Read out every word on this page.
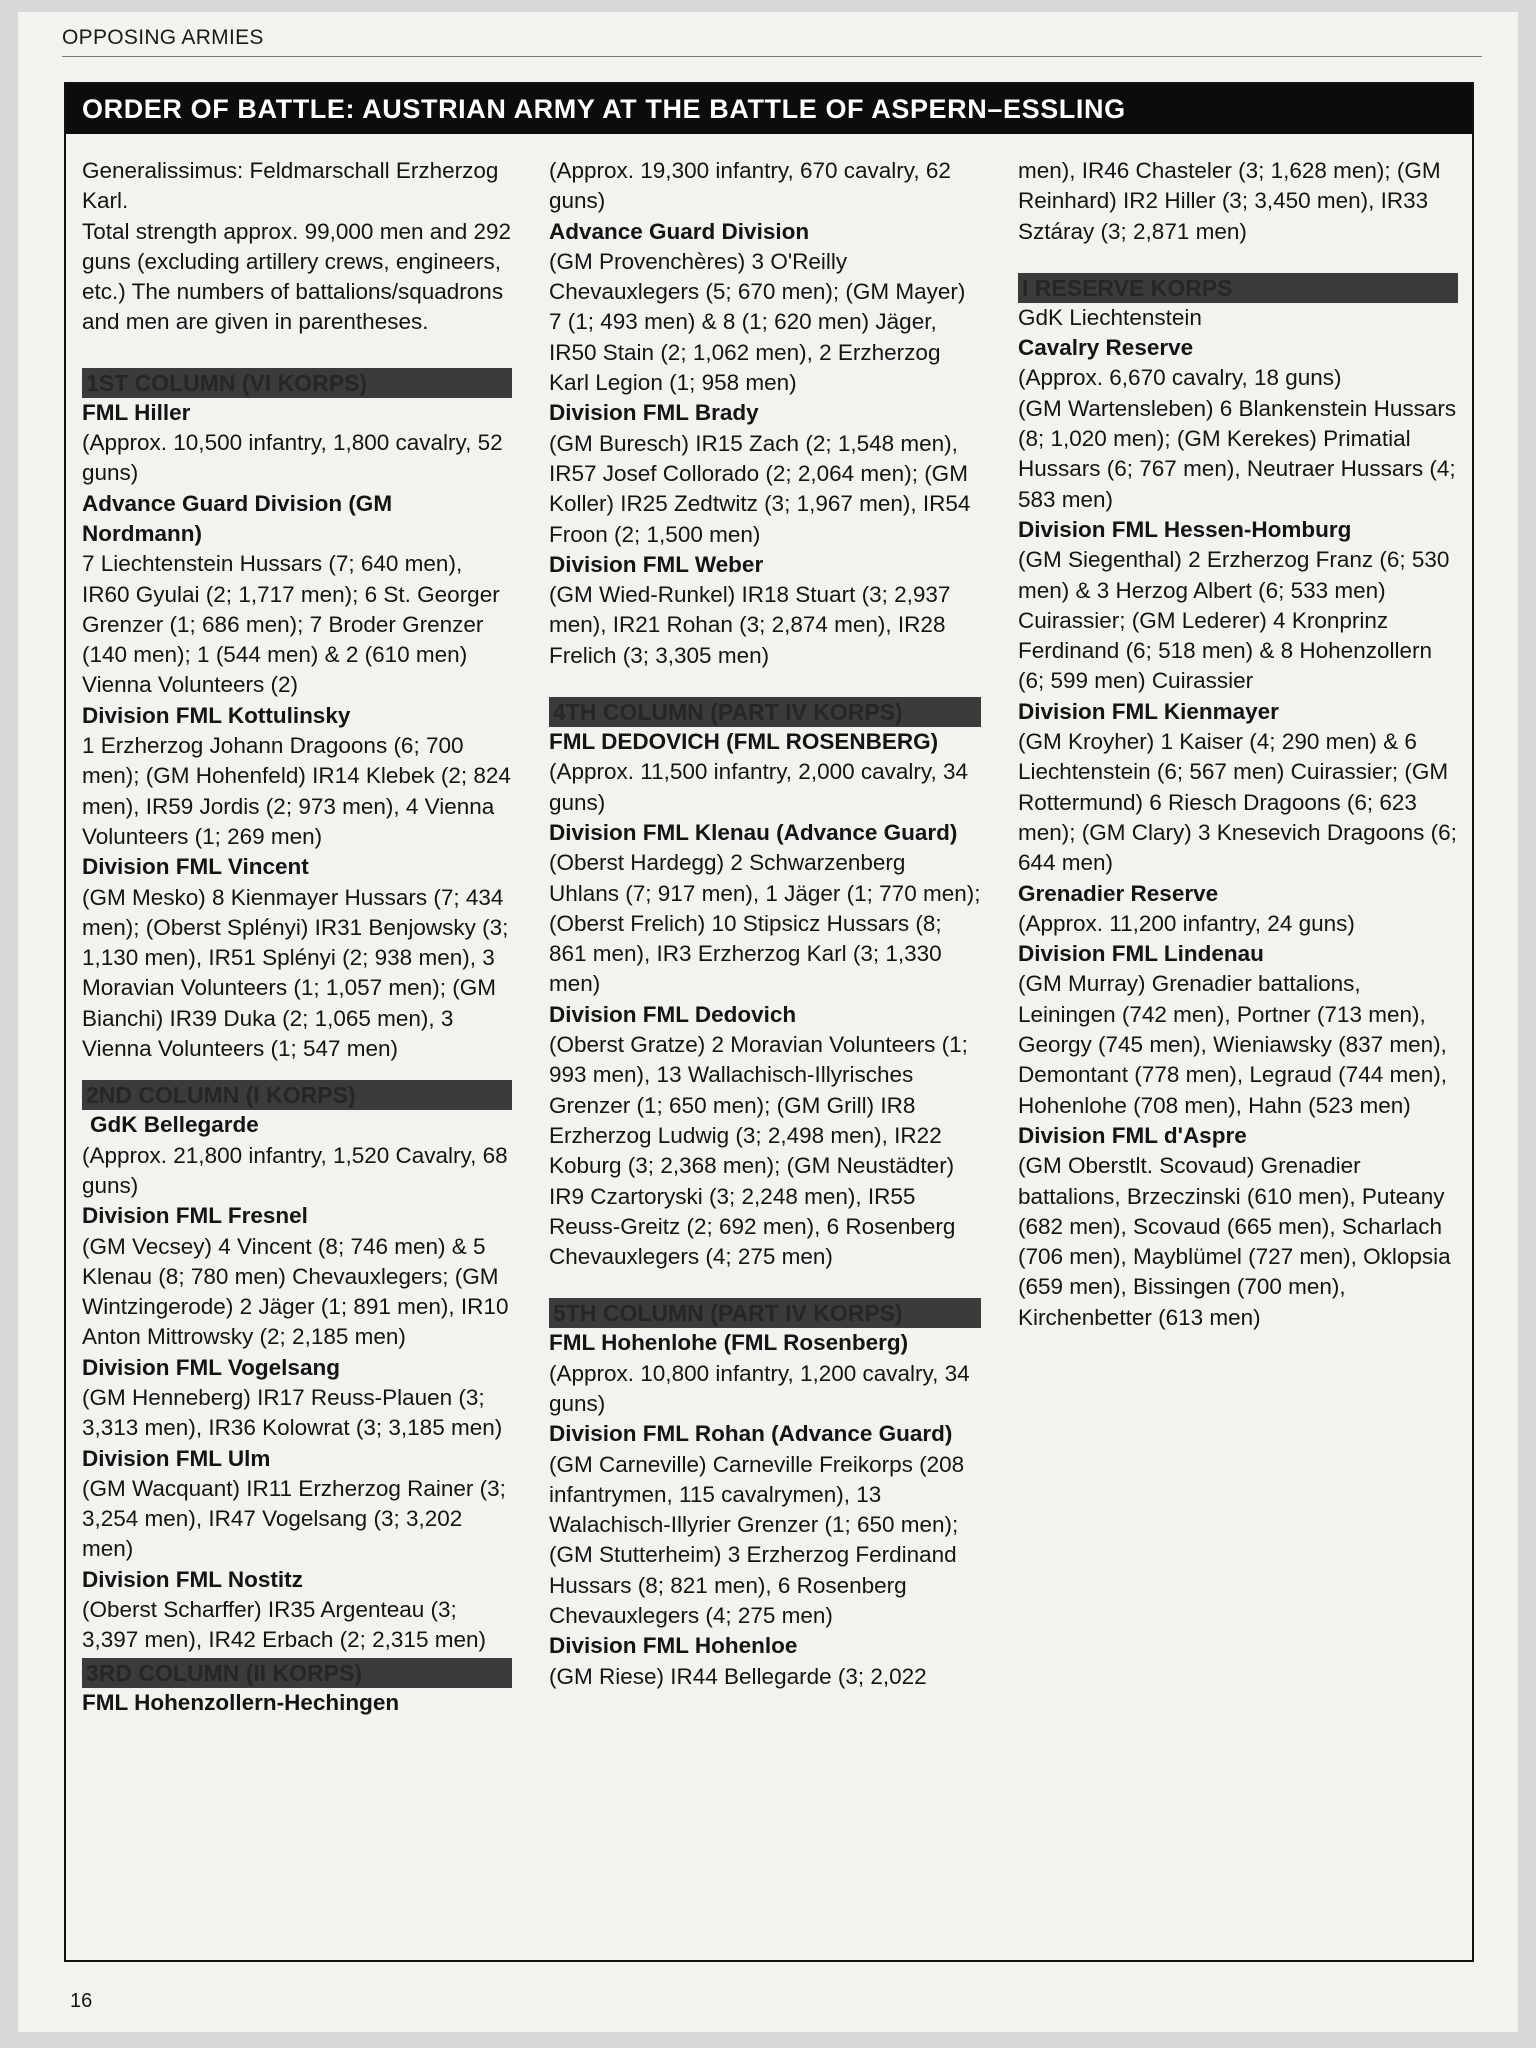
OPPOSING ARMIES
ORDER OF BATTLE: AUSTRIAN ARMY AT THE BATTLE OF ASPERN–ESSLING

Generalissimus: Feldmarschall Erzherzog Karl.

Total strength approx. 99,000 men and 292 guns (excluding artillery crews, engineers, etc.) The numbers of battalions/squadrons and men are given in parentheses.

1ST COLUMN (VI KORPS)

FML Hiller

(Approx. 10,500 infantry, 1,800 cavalry, 52 guns)

Advance Guard Division (GM Nordmann)

7 Liechtenstein Hussars (7; 640 men), IR60 Gyulai (2; 1,717 men); 6 St. Georger Grenzer (1; 686 men); 7 Broder Grenzer (140 men); 1 (544 men) & 2 (610 men) Vienna Volunteers (2)

Division FML Kottulinsky

1 Erzherzog Johann Dragoons (6; 700 men); (GM Hohenfeld) IR14 Klebek (2; 824 men), IR59 Jordis (2; 973 men), 4 Vienna Volunteers (1; 269 men)

Division FML Vincent

(GM Mesko) 8 Kienmayer Hussars (7; 434 men); (Oberst Splényi) IR31 Benjowsky (3; 1,130 men), IR51 Splényi (2; 938 men), 3 Moravian Volunteers (1; 1,057 men); (GM Bianchi) IR39 Duka (2; 1,065 men), 3 Vienna Volunteers (1; 547 men)

2ND COLUMN (I KORPS)

GdK Bellegarde

(Approx. 21,800 infantry, 1,520 Cavalry, 68 guns)

Division FML Fresnel

(GM Vecsey) 4 Vincent (8; 746 men) & 5 Klenau (8; 780 men) Chevauxlegers; (GM Wintzingerode) 2 Jäger (1; 891 men), IR10 Anton Mittrowsky (2; 2,185 men)

Division FML Vogelsang

(GM Henneberg) IR17 Reuss-Plauen (3; 3,313 men), IR36 Kolowrat (3; 3,185 men)

Division FML Ulm

(GM Wacquant) IR11 Erzherzog Rainer (3; 3,254 men), IR47 Vogelsang (3; 3,202 men)

Division FML Nostitz

(Oberst Scharffer) IR35 Argenteau (3; 3,397 men), IR42 Erbach (2; 2,315 men)

3RD COLUMN (II KORPS)

FML Hohenzollern-Hechingen

(Approx. 19,300 infantry, 670 cavalry, 62 guns)

Advance Guard Division

(GM Provenchères) 3 O'Reilly Chevauxlegers (5; 670 men); (GM Mayer) 7 (1; 493 men) & 8 (1; 620 men) Jäger, IR50 Stain (2; 1,062 men), 2 Erzherzog Karl Legion (1; 958 men)

Division FML Brady

(GM Buresch) IR15 Zach (2; 1,548 men), IR57 Josef Collorado (2; 2,064 men); (GM Koller) IR25 Zedtwitz (3; 1,967 men), IR54 Froon (2; 1,500 men)

Division FML Weber

(GM Wied-Runkel) IR18 Stuart (3; 2,937 men), IR21 Rohan (3; 2,874 men), IR28 Frelich (3; 3,305 men)

4TH COLUMN (PART IV KORPS)

FML DEDOVICH (FML ROSENBERG)

(Approx. 11,500 infantry, 2,000 cavalry, 34 guns)

Division FML Klenau (Advance Guard)

(Oberst Hardegg) 2 Schwarzenberg Uhlans (7; 917 men), 1 Jäger (1; 770 men); (Oberst Frelich) 10 Stipsicz Hussars (8; 861 men), IR3 Erzherzog Karl (3; 1,330 men)

Division FML Dedovich

(Oberst Gratze) 2 Moravian Volunteers (1; 993 men), 13 Wallachisch-Illyrisches Grenzer (1; 650 men); (GM Grill) IR8 Erzherzog Ludwig (3; 2,498 men), IR22 Koburg (3; 2,368 men); (GM Neustädter) IR9 Czartoryski (3; 2,248 men), IR55 Reuss-Greitz (2; 692 men), 6 Rosenberg Chevauxlegers (4; 275 men)

5TH COLUMN (PART IV KORPS)

FML Hohenlohe (FML Rosenberg)

(Approx. 10,800 infantry, 1,200 cavalry, 34 guns)

Division FML Rohan (Advance Guard)

(GM Carneville) Carneville Freikorps (208 infantrymen, 115 cavalrymen), 13 Walachisch-Illyrier Grenzer (1; 650 men); (GM Stutterheim) 3 Erzherzog Ferdinand Hussars (8; 821 men), 6 Rosenberg Chevauxlegers (4; 275 men)

Division FML Hohenloe

(GM Riese) IR44 Bellegarde (3; 2,022

men), IR46 Chasteler (3; 1,628 men); (GM Reinhard) IR2 Hiller (3; 3,450 men), IR33 Sztáray (3; 2,871 men)

I RESERVE KORPS

GdK Liechtenstein

Cavalry Reserve

(Approx. 6,670 cavalry, 18 guns)

(GM Wartensleben) 6 Blankenstein Hussars (8; 1,020 men); (GM Kerekes) Primatial Hussars (6; 767 men), Neutraer Hussars (4; 583 men)

Division FML Hessen-Homburg

(GM Siegenthal) 2 Erzherzog Franz (6; 530 men) & 3 Herzog Albert (6; 533 men) Cuirassier; (GM Lederer) 4 Kronprinz Ferdinand (6; 518 men) & 8 Hohenzollern (6; 599 men) Cuirassier

Division FML Kienmayer

(GM Kroyher) 1 Kaiser (4; 290 men) & 6 Liechtenstein (6; 567 men) Cuirassier; (GM Rottermund) 6 Riesch Dragoons (6; 623 men); (GM Clary) 3 Knesevich Dragoons (6; 644 men)

Grenadier Reserve

(Approx. 11,200 infantry, 24 guns)

Division FML Lindenau

(GM Murray) Grenadier battalions, Leiningen (742 men), Portner (713 men), Georgy (745 men), Wieniawsky (837 men), Demontant (778 men), Legraud (744 men), Hohenlohe (708 men), Hahn (523 men)

Division FML d'Aspre

(GM Oberstlt. Scovaud) Grenadier battalions, Brzeczinski (610 men), Puteany (682 men), Scovaud (665 men), Scharlach (706 men), Mayblümel (727 men), Oklopsia (659 men), Bissingen (700 men), Kirchenbetter (613 men)

16
